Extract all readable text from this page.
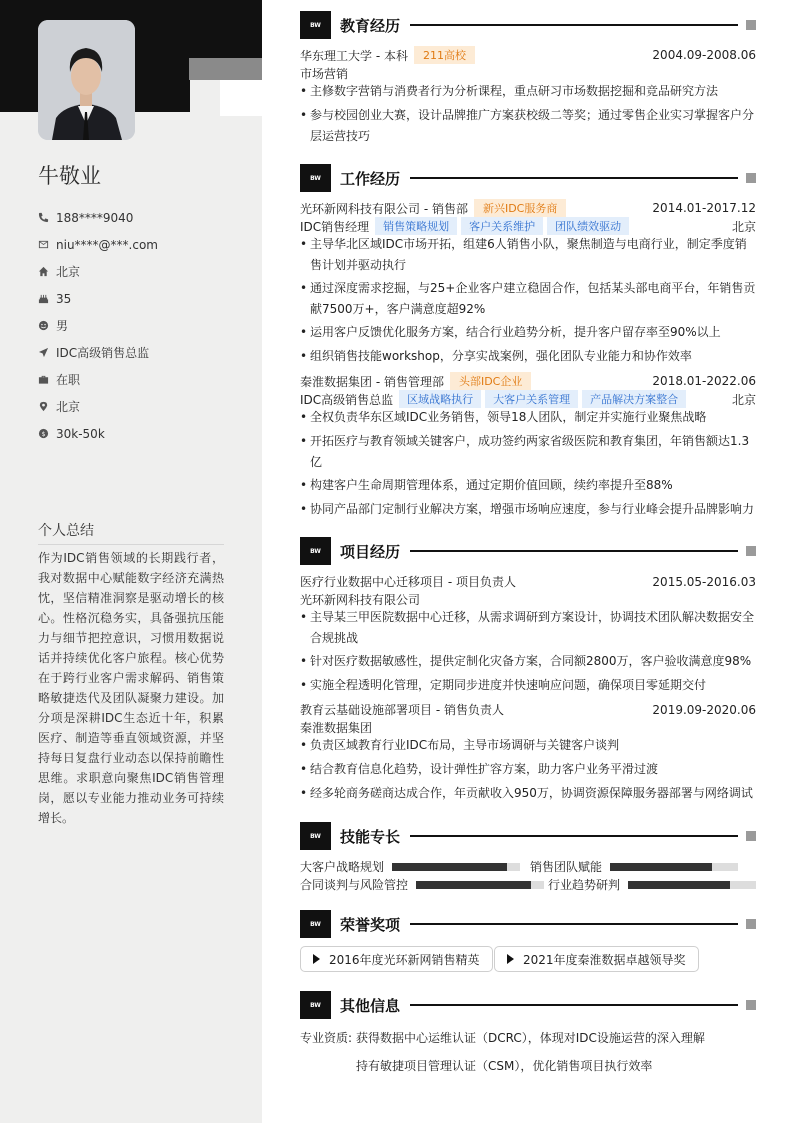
牛敬业
188****9040
niu****@***.com
北京
35
男
IDC高级销售总监
在职
北京
$ 30k-50k
个人总结
作为IDC销售领域的长期践行者，我对数据中心赋能数字经济充满热忱，坚信精准洞察是驱动增长的核心。性格沉稳务实，具备强抗压能力与细节把控意识，习惯用数据说话并持续优化客户旅程。核心优势在于跨行业客户需求解码、销售策略敏捷迭代及团队凝聚力建设。加分项是深耕IDC生态近十年，积累医疗、制造等垂直领域资源，并坚持每日复盘行业动态以保持前瞻性思维。求职意向聚焦IDC销售管理岗，愿以专业能力推动业务可持续增长。
BW	教育经历
华东理工大学 - 本科	211高校	2004.09-2008.06
市场营销
• 主修数字营销与消费者行为分析课程，重点研习市场数据挖掘和竞品研究方法
• 参与校园创业大赛，设计品牌推广方案获校级二等奖；通过零售企业实习掌握客户分层运营技巧
BW	工作经历
光环新网科技有限公司 - 销售部	新兴IDC服务商	2014.01-2017.12
IDC销售经理	销售策略规划	客户关系维护	团队绩效驱动	北京
• 主导华北区域IDC市场开拓，组建6人销售小队，聚焦制造与电商行业，制定季度销售计划并驱动执行
• 通过深度需求挖掘，与25+企业客户建立稳固合作，包括某头部电商平台，年销售贡献7500万+，客户满意度超92%
• 运用客户反馈优化服务方案，结合行业趋势分析，提升客户留存率至90%以上
• 组织销售技能workshop，分享实战案例，强化团队专业能力和协作效率
秦淮数据集团 - 销售管理部	头部IDC企业	2018.01-2022.06
IDC高级销售总监	区域战略执行	大客户关系管理	产品解决方案整合	北京
• 全权负责华东区域IDC业务销售，领导18人团队，制定并实施行业聚焦战略
• 开拓医疗与教育领域关键客户，成功签约两家省级医院和教育集团，年销售额达1.3亿
• 构建客户生命周期管理体系，通过定期价值回顾，续约率提升至88%
• 协同产品部门定制行业解决方案，增强市场响应速度，参与行业峰会提升品牌影响力
BW	项目经历
医疗行业数据中心迁移项目 - 项目负责人	2015.05-2016.03
光环新网科技有限公司
• 主导某三甲医院数据中心迁移，从需求调研到方案设计，协调技术团队解决数据安全合规挑战
• 针对医疗数据敏感性，提供定制化灾备方案，合同额2800万，客户验收满意度98%
• 实施全程透明化管理，定期同步进度并快速响应问题，确保项目零延期交付
教育云基础设施部署项目 - 销售负责人	2019.09-2020.06
秦淮数据集团
• 负责区域教育行业IDC布局，主导市场调研与关键客户谈判
• 结合教育信息化趋势，设计弹性扩容方案，助力客户业务平滑过渡
• 经多轮商务磋商达成合作，年贡献收入950万，协调资源保障服务器部署与网络调试
BW	技能专长
大客户战略规划	销售团队赋能
合同谈判与风险管控	行业趋势研判
BW	荣誉奖项
2016年度光环新网销售精英	2021年度秦淮数据卓越领导奖
BW	其他信息
专业资质: 获得数据中心运维认证（DCRC），体现对IDC设施运营的深入理解
持有敏捷项目管理认证（CSM），优化销售项目执行效率
